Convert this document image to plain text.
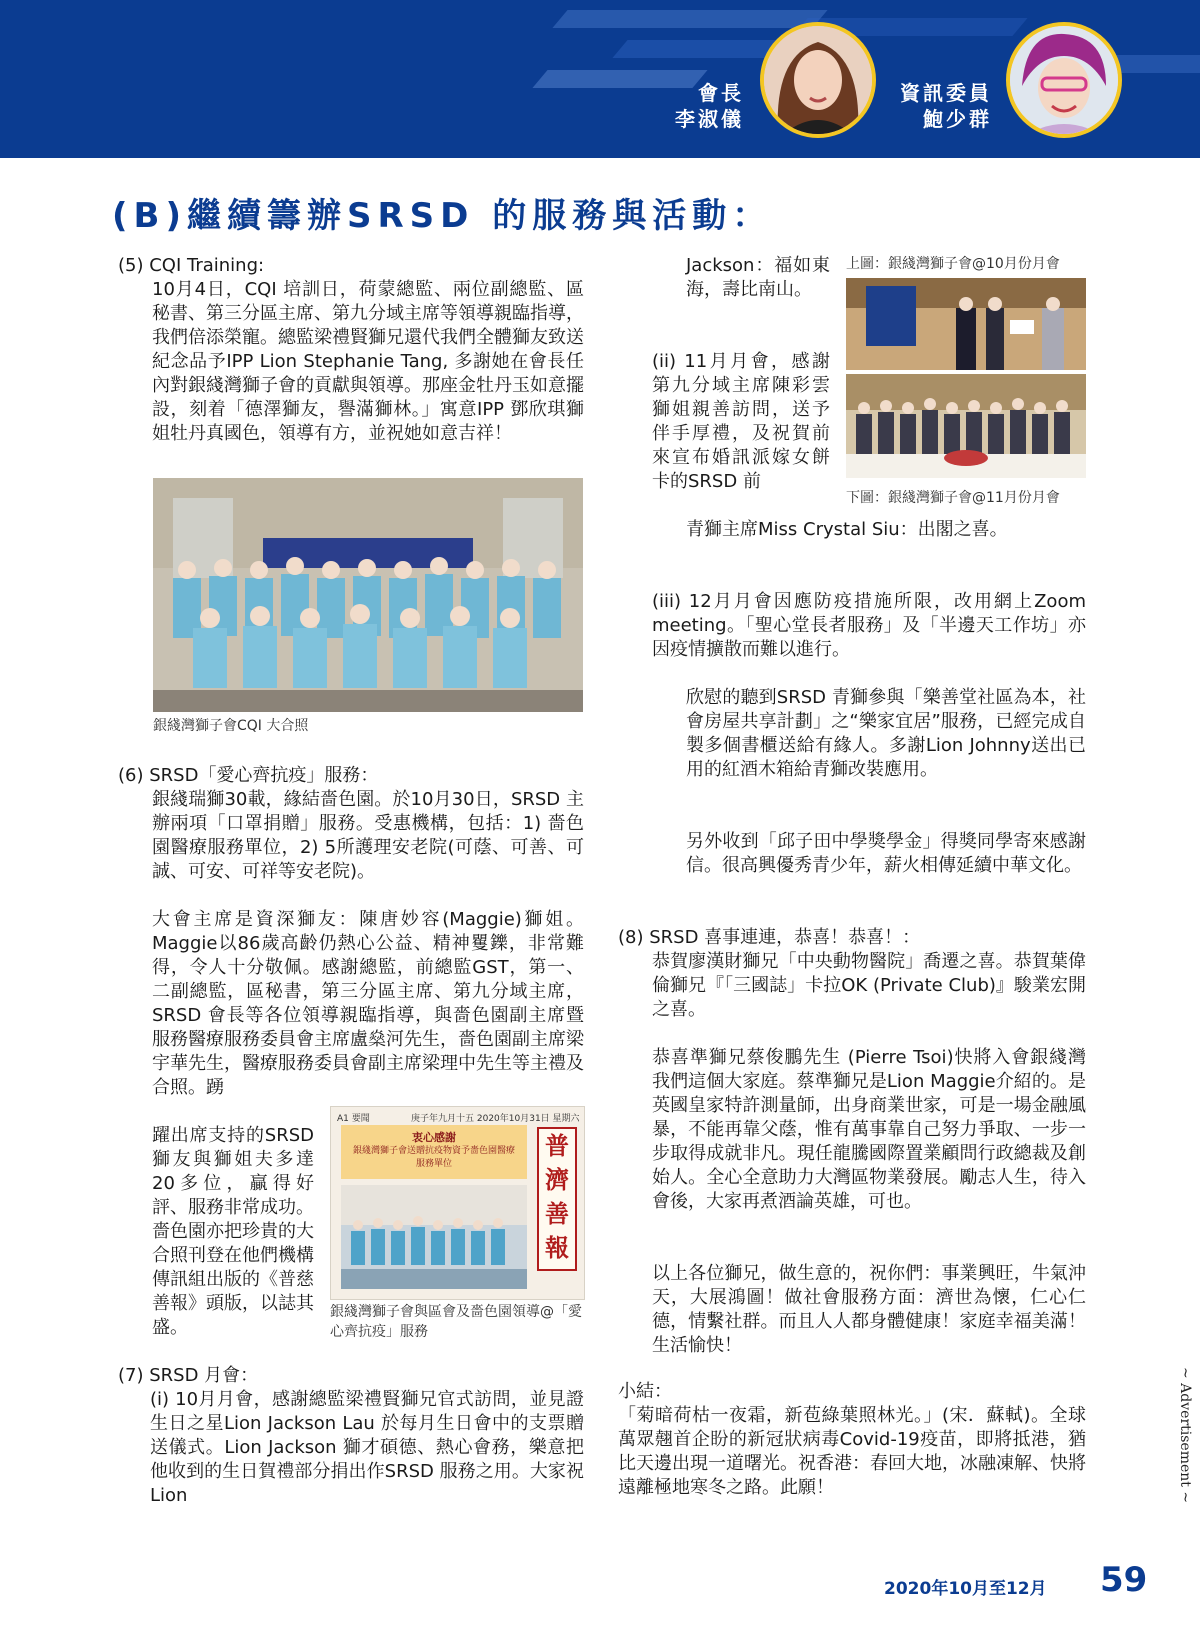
會長
李淑儀
資訊委員
鮑少群
(B)繼續籌辦SRSD 的服務與活動：
(5) CQI Training:
10月4日，CQI 培訓日，荷蒙總監、兩位副總監、區秘書、第三分區主席、第九分域主席等領導親臨指導，我們倍添榮寵。總監梁禮賢獅兄還代我們全體獅友致送紀念品予IPP Lion Stephanie Tang, 多謝她在會長任內對銀綫灣獅子會的貢獻與領導。那座金牡丹玉如意擺設，刻着「德澤獅友，譽滿獅林。」寓意IPP 鄧欣琪獅姐牡丹真國色，領導有方，並祝她如意吉祥！
銀綫灣獅子會CQI 大合照
(6) SRSD「愛心齊抗疫」服務：
銀綫瑞獅30載，緣結嗇色園。於10月30日，SRSD 主辦兩項「口罩捐贈」服務。受惠機構，包括：1) 嗇色園醫療服務單位，2) 5所護理安老院(可蔭、可善、可誠、可安、可祥等安老院)。
大會主席是資深獅友：陳唐妙容(Maggie)獅姐。Maggie以86歲高齡仍熱心公益、精神矍鑠，非常難得，令人十分敬佩。感謝總監，前總監GST，第一、二副總監，區秘書，第三分區主席、第九分域主席，SRSD 會長等各位領導親臨指導，與嗇色園副主席暨服務醫療服務委員會主席盧燊河先生，嗇色園副主席梁宇華先生，醫療服務委員會副主席梁理中先生等主禮及合照。踴
躍出席支持的SRSD 獅友與獅姐夫多達20多位，贏得好評、服務非常成功。嗇色園亦把珍貴的大合照刊登在他們機構傳訊組出版的《普慈善報》頭版，以誌其盛。
A1 要聞	庚子年九月十五 2020年10月31日 星期六
衷心感謝
銀綫灣獅子會送贈抗疫物資予嗇色園醫療服務單位
普濟善報
銀綫灣獅子會與區會及嗇色園領導@「愛心齊抗疫」服務
(7) SRSD 月會：
(i) 10月月會，感謝總監梁禮賢獅兄官式訪問，並見證生日之星Lion Jackson Lau 於每月生日會中的支票贈送儀式。Lion Jackson 獅才碩德、熱心會務，樂意把他收到的生日賀禮部分捐出作SRSD 服務之用。大家祝Lion
Jackson：福如東海，壽比南山。
(ii) 11月月會，感謝第九分域主席陳彩雲獅姐親善訪問，送予伴手厚禮，及祝賀前來宣布婚訊派嫁女餅卡的SRSD 前
青獅主席Miss Crystal Siu：出閣之喜。
上圖：銀綫灣獅子會@10月份月會
下圖：銀綫灣獅子會@11月份月會
(iii) 12月月會因應防疫措施所限，改用網上Zoom meeting。「聖心堂長者服務」及「半邊天工作坊」亦因疫情擴散而難以進行。
欣慰的聽到SRSD 青獅參與「樂善堂社區為本，社會房屋共享計劃」之“樂家宜居”服務，已經完成自製多個書櫃送給有緣人。多謝Lion Johnny送出已用的紅酒木箱給青獅改裝應用。
另外收到「邱子田中學獎學金」得獎同學寄來感謝信。很高興優秀青少年，薪火相傳延續中華文化。
(8) SRSD 喜事連連，恭喜！恭喜！：
恭賀廖漢財獅兄「中央動物醫院」喬遷之喜。恭賀葉偉倫獅兄『「三國誌」卡拉OK (Private Club)』駿業宏開之喜。
恭喜準獅兄蔡俊鵬先生 (Pierre Tsoi)快將入會銀綫灣我們這個大家庭。蔡準獅兄是Lion Maggie介紹的。是英國皇家特許測量師，出身商業世家，可是一場金融風暴，不能再靠父蔭，惟有萬事靠自己努力爭取、一步一步取得成就非凡。現任龍騰國際置業顧問行政總裁及創始人。全心全意助力大灣區物業發展。勵志人生，待入會後，大家再煮酒論英雄，可也。
以上各位獅兄，做生意的，祝你們：事業興旺，牛氣沖天，大展鴻圖！做社會服務方面：濟世為懷，仁心仁德，情繫社群。而且人人都身體健康！家庭幸福美滿！生活愉快！
小結：
「菊暗荷枯一夜霜，新苞綠葉照林光。」(宋．蘇軾)。全球萬眾翹首企盼的新冠狀病毒Covid-19疫苗，即將抵港，猶比天邊出現一道曙光。祝香港：春回大地，冰融凍解、快將遠離極地寒冬之路。此願！	~ Advertisement ~
2020年10月至12月 59
